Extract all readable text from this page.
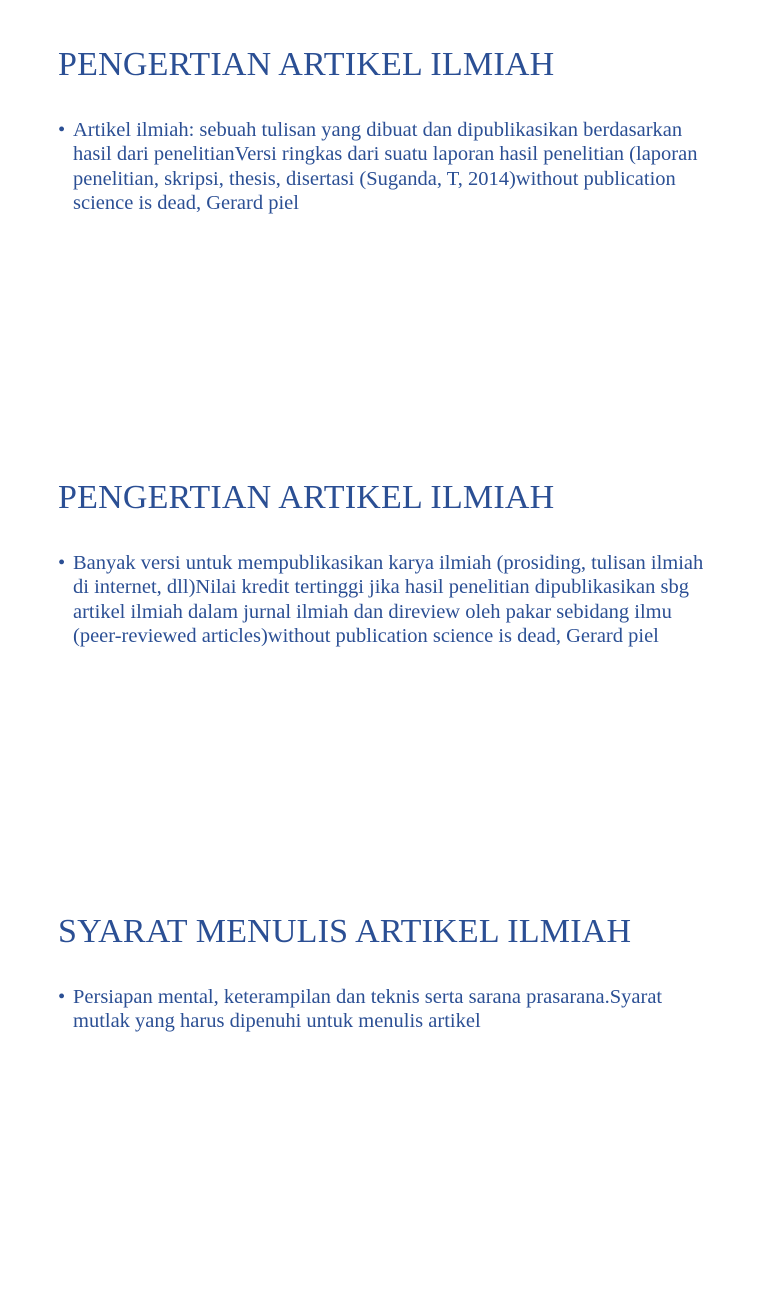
PENGERTIAN ARTIKEL ILMIAH
• Artikel ilmiah: sebuah tulisan yang dibuat dan dipublikasikan berdasarkan hasil dari penelitianVersi ringkas dari suatu laporan hasil penelitian (laporan penelitian, skripsi, thesis, disertasi (Suganda, T, 2014)without publication science is dead, Gerard piel
PENGERTIAN ARTIKEL ILMIAH
• Banyak versi untuk mempublikasikan karya ilmiah (prosiding, tulisan ilmiah di internet, dll)Nilai kredit tertinggi jika hasil penelitian dipublikasikan sbg artikel ilmiah dalam jurnal ilmiah dan direview oleh pakar sebidang ilmu (peer-reviewed articles)without publication science is dead, Gerard piel
SYARAT MENULIS ARTIKEL ILMIAH
• Persiapan mental, keterampilan dan teknis serta sarana prasarana.Syarat mutlak yang harus dipenuhi untuk menulis artikel
